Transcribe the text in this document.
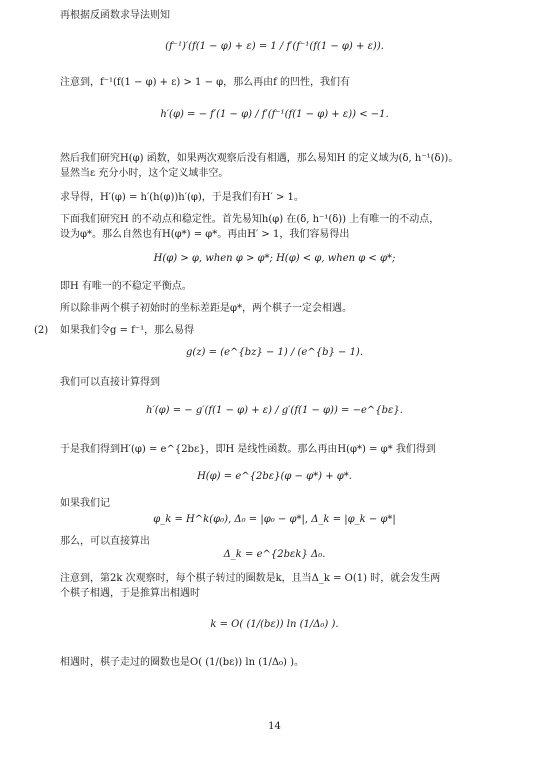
再根据反函数求导法则知
(f⁻¹)′(f(1 − φ) + ε) = 1 / f′(f⁻¹(f(1 − φ) + ε)).
注意到，f⁻¹(f(1 − φ) + ε) > 1 − φ，那么再由f 的凹性，我们有
h′(φ) = − f′(1 − φ) / f′(f⁻¹(f(1 − φ) + ε)) < −1.
然后我们研究H(φ) 函数，如果两次观察后没有相遇，那么易知H 的定义域为(δ, h⁻¹(δ))。
显然当ε 充分小时，这个定义域非空。
求导得，H′(φ) = h′(h(φ))h′(φ)，于是我们有H′ > 1。
下面我们研究H 的不动点和稳定性。首先易知h(φ) 在(δ, h⁻¹(δ)) 上有唯一的不动点，
设为φ*。那么自然也有H(φ*) = φ*。再由H′ > 1，我们容易得出
H(φ) > φ, when φ > φ*; H(φ) < φ, when φ < φ*;
即H 有唯一的不稳定平衡点。
所以除非两个棋子初始时的坐标差距是φ*，两个棋子一定会相遇。
(2) 如果我们令g = f⁻¹，那么易得
g(z) = (e^{bz} − 1) / (e^{b} − 1).
我们可以直接计算得到
h′(φ) = − g′(f(1 − φ) + ε) / g′(f(1 − φ)) = −e^{bε}.
于是我们得到H′(φ) = e^{2bε}，即H 是线性函数。那么再由H(φ*) = φ* 我们得到
H(φ) = e^{2bε}(φ − φ*) + φ*.
如果我们记
φ_k = H^k(φ₀), Δ₀ = |φ₀ − φ*|, Δ_k = |φ_k − φ*|
那么，可以直接算出
Δ_k = e^{2bεk} Δ₀.
注意到，第2k 次观察时，每个棋子转过的圈数是k，且当Δ_k = O(1) 时，就会发生两
个棋子相遇，于是推算出相遇时
k = O( (1/(bε)) ln (1/Δ₀) ).
相遇时，棋子走过的圈数也是O( (1/(bε)) ln (1/Δ₀) )。
14
